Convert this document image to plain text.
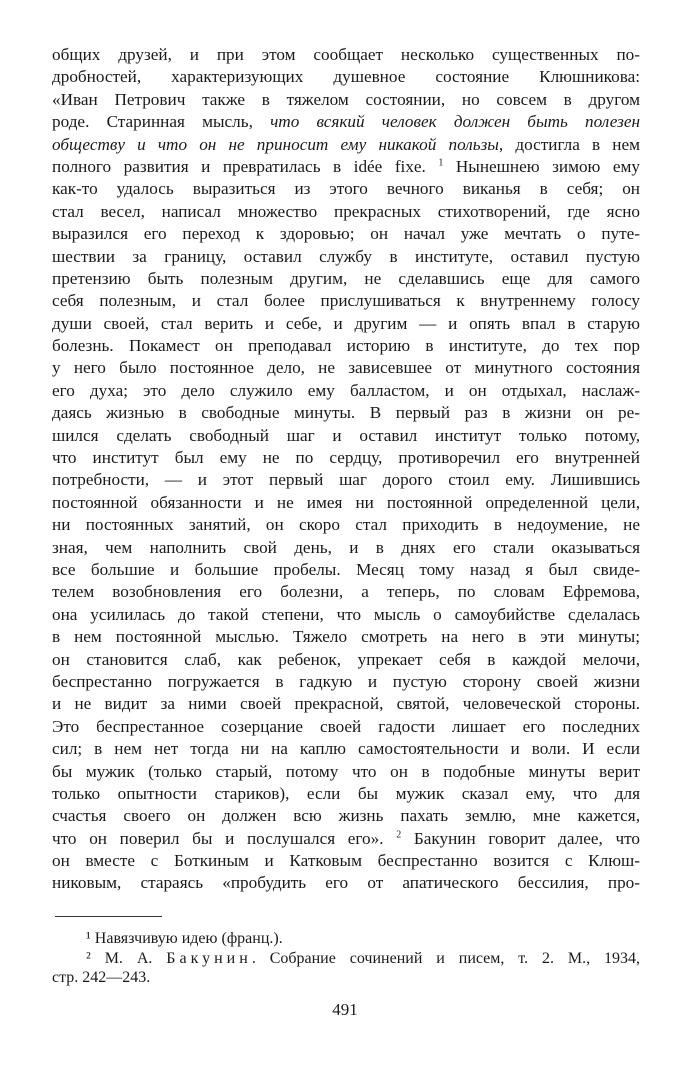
общих друзей, и при этом сообщает несколько существенных по-
дробностей, характеризующих душевное состояние Клюшникова:
«Иван Петрович также в тяжелом состоянии, но совсем в другом
роде. Старинная мысль, что всякий человек должен быть полезен
обществу и что он не приносит ему никакой пользы, достигла в нем
полного развития и превратилась в idée fixe. $^1$ Нынешнею зимою ему
как-то удалось выразиться из этого вечного виканья в себя; он
стал весел, написал множество прекрасных стихотворений, где ясно
выразился его переход к здоровью; он начал уже мечтать о путе-
шествии за границу, оставил службу в институте, оставил пустую
претензию быть полезным другим, не сделавшись еще для самого
себя полезным, и стал более прислушиваться к внутреннему голосу
души своей, стал верить и себе, и другим — и опять впал в старую
болезнь. Покамест он преподавал историю в институте, до тех пор
у него было постоянное дело, не зависевшее от минутного состояния
его духа; это дело служило ему балластом, и он отдыхал, наслаж-
даясь жизнью в свободные минуты. В первый раз в жизни он ре-
шился сделать свободный шаг и оставил институт только потому,
что институт был ему не по сердцу, противоречил его внутренней
потребности, — и этот первый шаг дорого стоил ему. Лишившись
постоянной обязанности и не имея ни постоянной определенной цели,
ни постоянных занятий, он скоро стал приходить в недоумение, не
зная, чем наполнить свой день, и в днях его стали оказываться
все большие и большие пробелы. Месяц тому назад я был свиде-
телем возобновления его болезни, а теперь, по словам Ефремова,
она усилилась до такой степени, что мысль о самоубийстве сделалась
в нем постоянной мыслью. Тяжело смотреть на него в эти минуты;
он становится слаб, как ребенок, упрекает себя в каждой мелочи,
беспрестанно погружается в гадкую и пустую сторону своей жизни
и не видит за ними своей прекрасной, святой, человеческой стороны.
Это беспрестанное созерцание своей гадости лишает его последних
сил; в нем нет тогда ни на каплю самостоятельности и воли. И если
бы мужик (только старый, потому что он в подобные минуты верит
только опытности стариков), если бы мужик сказал ему, что для
счастья своего он должен всю жизнь пахать землю, мне кажется,
что он поверил бы и послушался его». $^2$ Бакунин говорит далее, что
он вместе с Боткиным и Катковым беспрестанно возится с Клюш-
никовым, стараясь «пробудить его от апатического бессилия, про-
¹ Навязчивую идею (франц.).
² М. А. Бакунин. Собрание сочинений и писем, т. 2. М., 1934,
стр. 242—243.
491
